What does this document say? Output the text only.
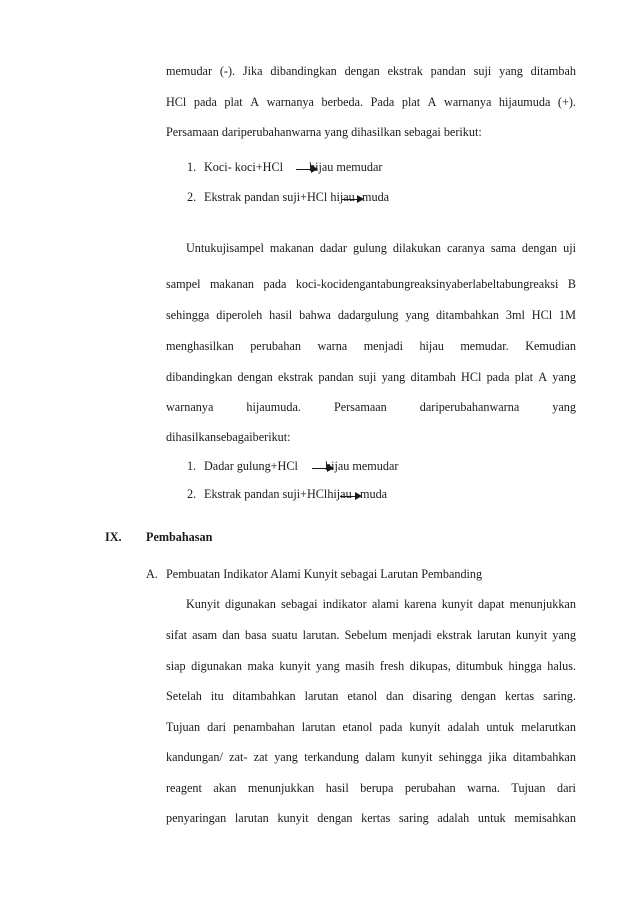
memudar (-). Jika dibandingkan dengan ekstrak pandan suji yang ditambah
HCl pada plat A warnanya berbeda. Pada plat A warnanya hijaumuda (+).
Persamaan dariperubahanwarna yang dihasilkan sebagai berikut:
1. Koci- koci+HCl hijau memudar
2. Ekstrak pandan suji+HCl hijau muda
Untukujisampel makanan dadar gulung dilakukan caranya sama dengan uji
sampel makanan pada koci-kocidengantabungreaksinyaberlabeltabungreaksi B
sehingga diperoleh hasil bahwa dadargulung yang ditambahkan 3ml HCl 1M
menghasilkan perubahan warna menjadi hijau memudar. Kemudian
dibandingkan dengan ekstrak pandan suji yang ditambah HCl pada plat A yang
warnanya	hijaumuda.	Persamaan	dariperubahanwarna	yang
dihasilkansebagaiberikut:
1. Dadar gulung+HCl hijau memudar
2. Ekstrak pandan suji+HClhijau muda
IX. Pembahasan
A. Pembuatan Indikator Alami Kunyit sebagai Larutan Pembanding
Kunyit digunakan sebagai indikator alami karena kunyit dapat menunjukkan
sifat asam dan basa suatu larutan. Sebelum menjadi ekstrak larutan kunyit yang
siap digunakan maka kunyit yang masih fresh dikupas, ditumbuk hingga halus.
Setelah itu ditambahkan larutan etanol dan disaring dengan kertas saring.
Tujuan dari penambahan larutan etanol pada kunyit adalah untuk melarutkan
kandungan/ zat- zat yang terkandung dalam kunyit sehingga jika ditambahkan
reagent akan menunjukkan hasil berupa perubahan warna. Tujuan dari
penyaringan larutan kunyit dengan kertas saring adalah untuk memisahkan
